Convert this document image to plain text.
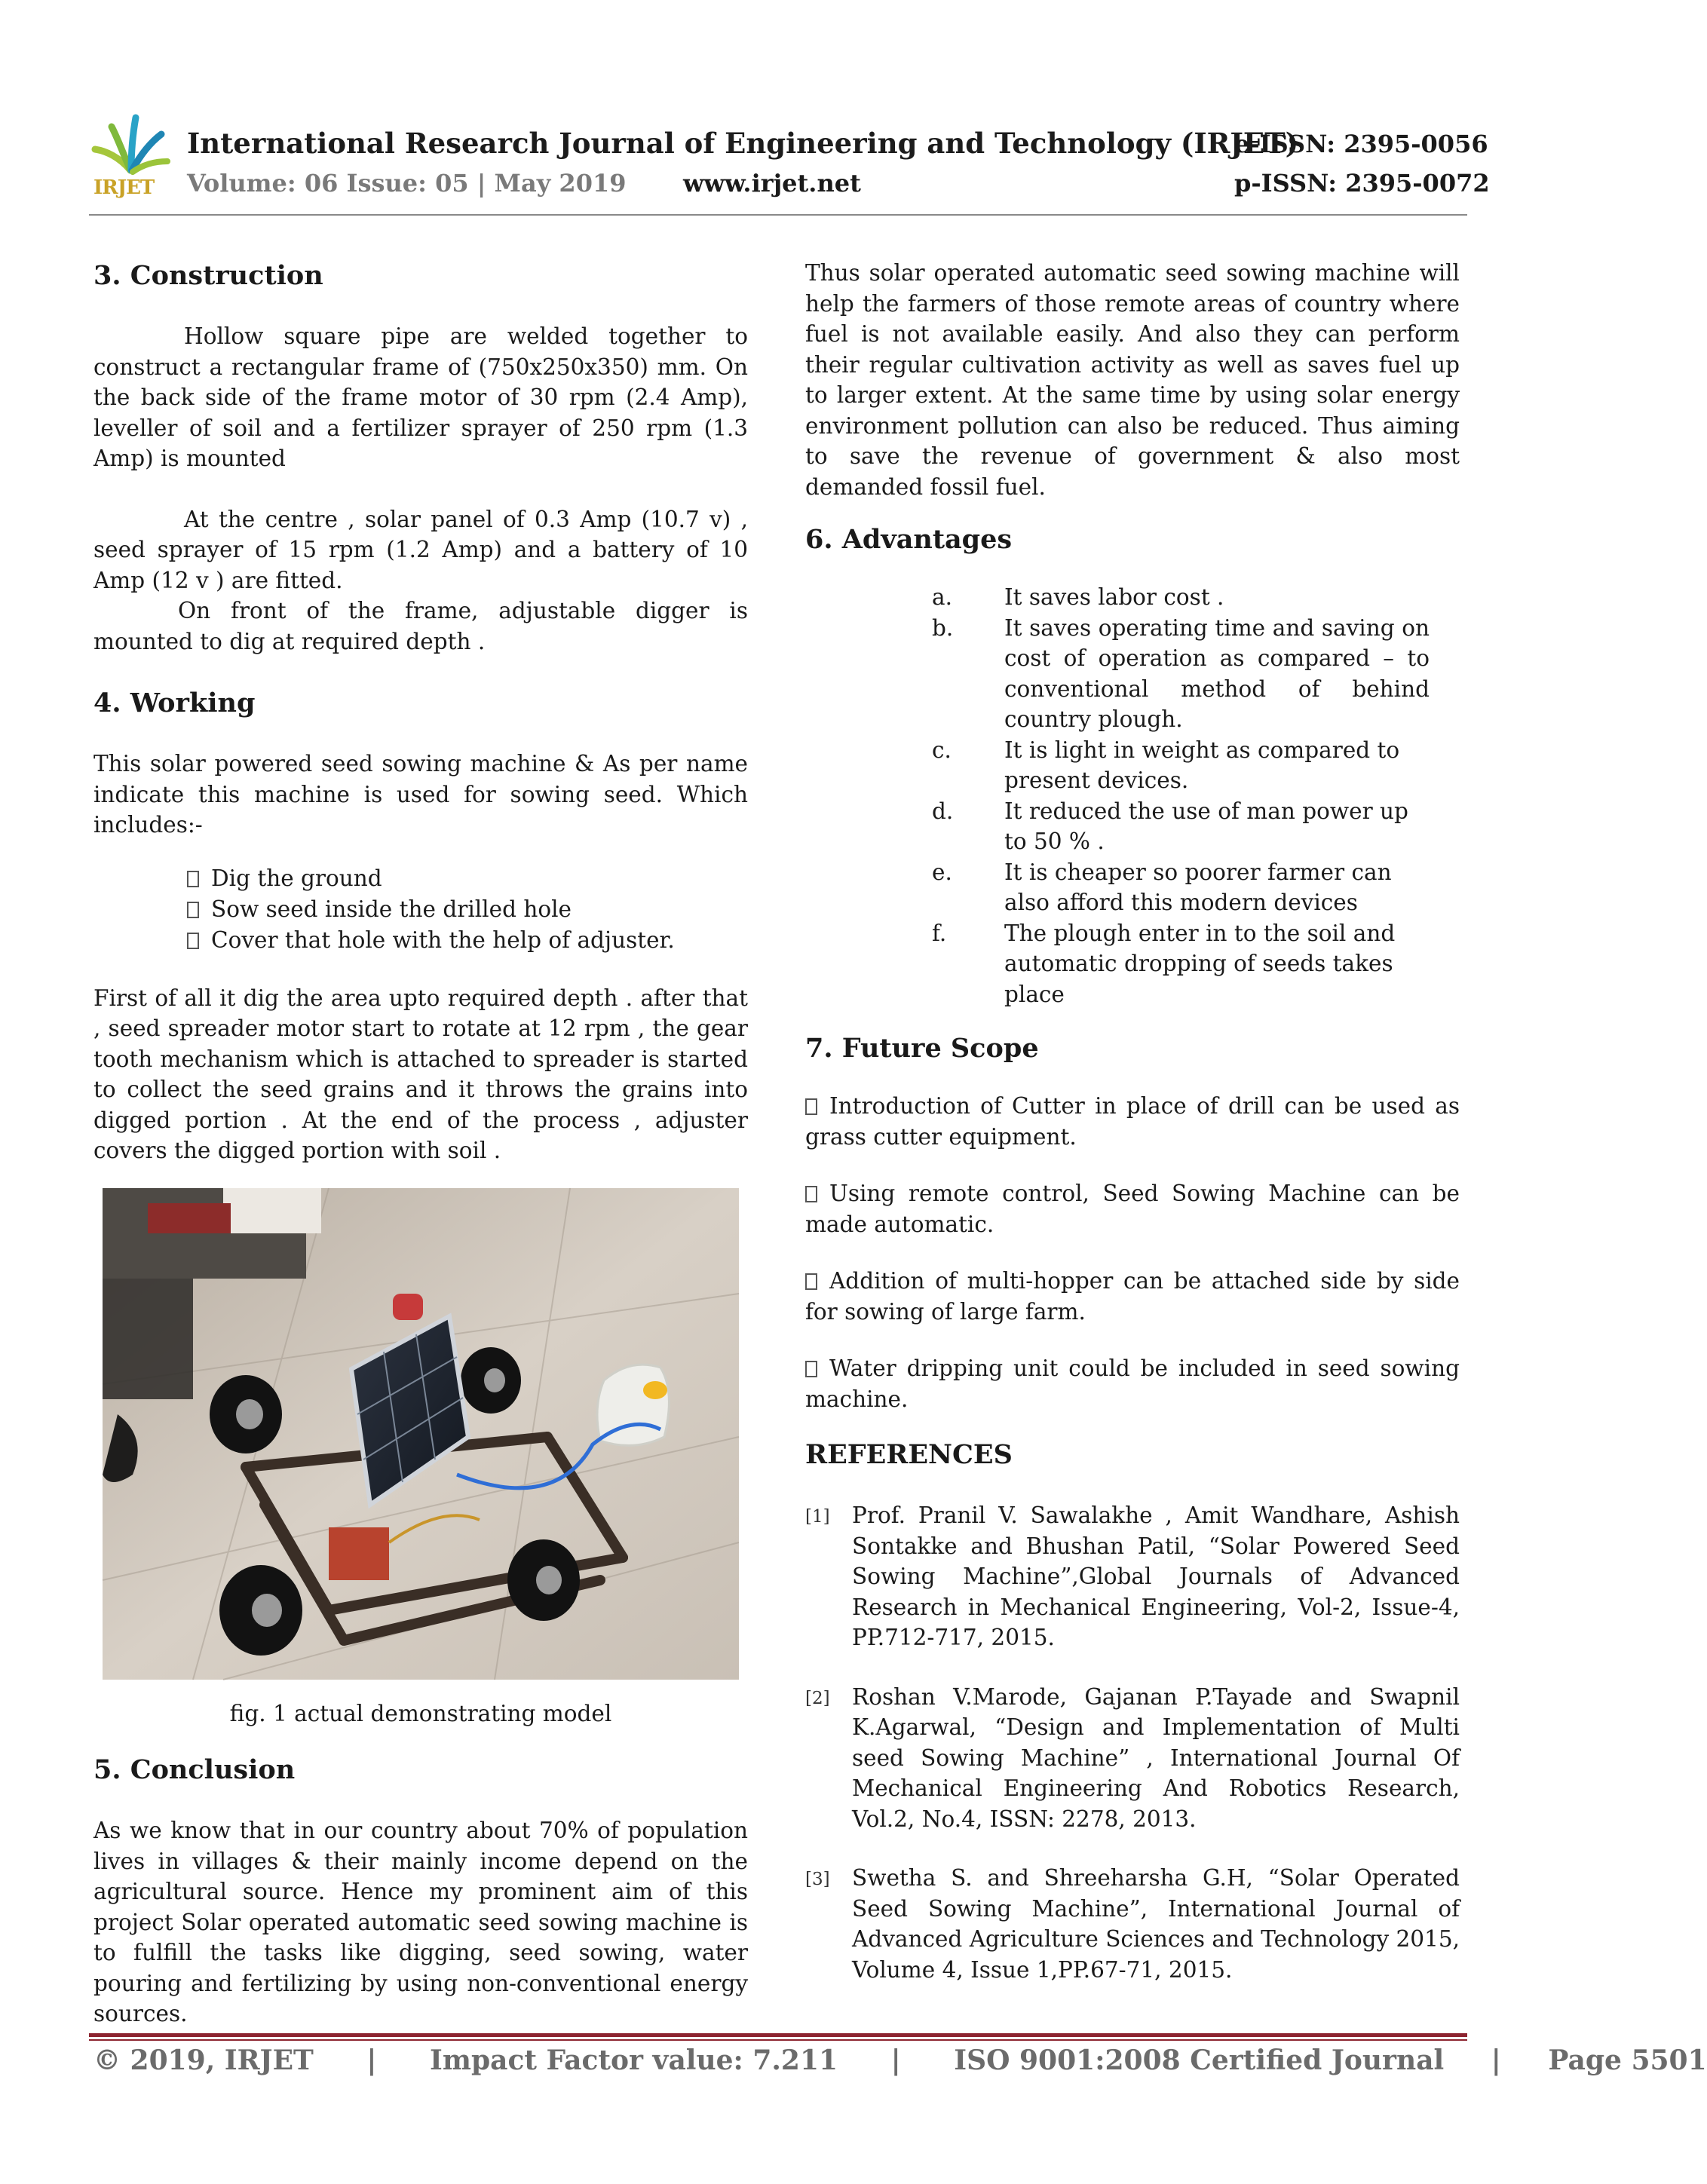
IRJET
International Research Journal of Engineering and Technology (IRJET)
e-ISSN: 2395-0056
Volume: 06 Issue: 05 | May 2019 www.irjet.net	p-ISSN: 2395-0072
3. Construction

Hollow square pipe are welded together to construct a rectangular frame of (750x250x350) mm. On the back side of the frame motor of 30 rpm (2.4 Amp), leveller of soil and a fertilizer sprayer of 250 rpm (1.3 Amp) is mounted

At the centre , solar panel of 0.3 Amp (10.7 v) , seed sprayer of 15 rpm (1.2 Amp) and a battery of 10 Amp (12 v ) are fitted.

On front of the frame, adjustable digger is mounted to dig at required depth .

4. Working

This solar powered seed sowing machine & As per name indicate this machine is used for sowing seed. Which includes:-

Dig the ground
Sow seed inside the drilled hole
Cover that hole with the help of adjuster.

First of all it dig the area upto required depth . after that , seed spreader motor start to rotate at 12 rpm , the gear tooth mechanism which is attached to spreader is started to collect the seed grains and it throws the grains into digged portion . At the end of the process , adjuster covers the digged portion with soil .

fig. 1 actual demonstrating model
5. Conclusion

As we know that in our country about 70% of population lives in villages & their mainly income depend on the agricultural source. Hence my prominent aim of this project Solar operated automatic seed sowing machine is to fulfill the tasks like digging, seed sowing, water pouring and fertilizing by using non-conventional energy sources.

Thus solar operated automatic seed sowing machine will help the farmers of those remote areas of country where fuel is not available easily. And also they can perform their regular cultivation activity as well as saves fuel up to larger extent. At the same time by using solar energy environment pollution can also be reduced. Thus aiming to save the revenue of government & also most demanded fossil fuel.

6. Advantages
a.	It saves labor cost .
b.	It saves operating time and saving on cost of operation as compared – to conventional method of behind country plough.
c.	It is light in weight as compared to present devices.
d.	It reduced the use of man power up to 50 % .
e.	It is cheaper so poorer farmer can also afford this modern devices
f.	The plough enter in to the soil and automatic dropping of seeds takes place
7. Future Scope

Introduction of Cutter in place of drill can be used as grass cutter equipment.

Using remote control, Seed Sowing Machine can be made automatic.

Addition of multi-hopper can be attached side by side for sowing of large farm.

Water dripping unit could be included in seed sowing machine.

REFERENCES
[1] Prof. Pranil V. Sawalakhe , Amit Wandhare, Ashish Sontakke and Bhushan Patil, “Solar Powered Seed Sowing Machine”,Global Journals of Advanced Research in Mechanical Engineering, Vol-2, Issue-4, PP.712-717, 2015.
[2] Roshan V.Marode, Gajanan P.Tayade and Swapnil K.Agarwal, “Design and Implementation of Multi seed Sowing Machine” , International Journal Of Mechanical Engineering And Robotics Research, Vol.2, No.4, ISSN: 2278, 2013.
[3] Swetha S. and Shreeharsha G.H, “Solar Operated Seed Sowing Machine”, International Journal of Advanced Agriculture Sciences and Technology 2015, Volume 4, Issue 1,PP.67-71, 2015.
© 2019, IRJET | Impact Factor value: 7.211 | ISO 9001:2008 Certified Journal | Page 5501
